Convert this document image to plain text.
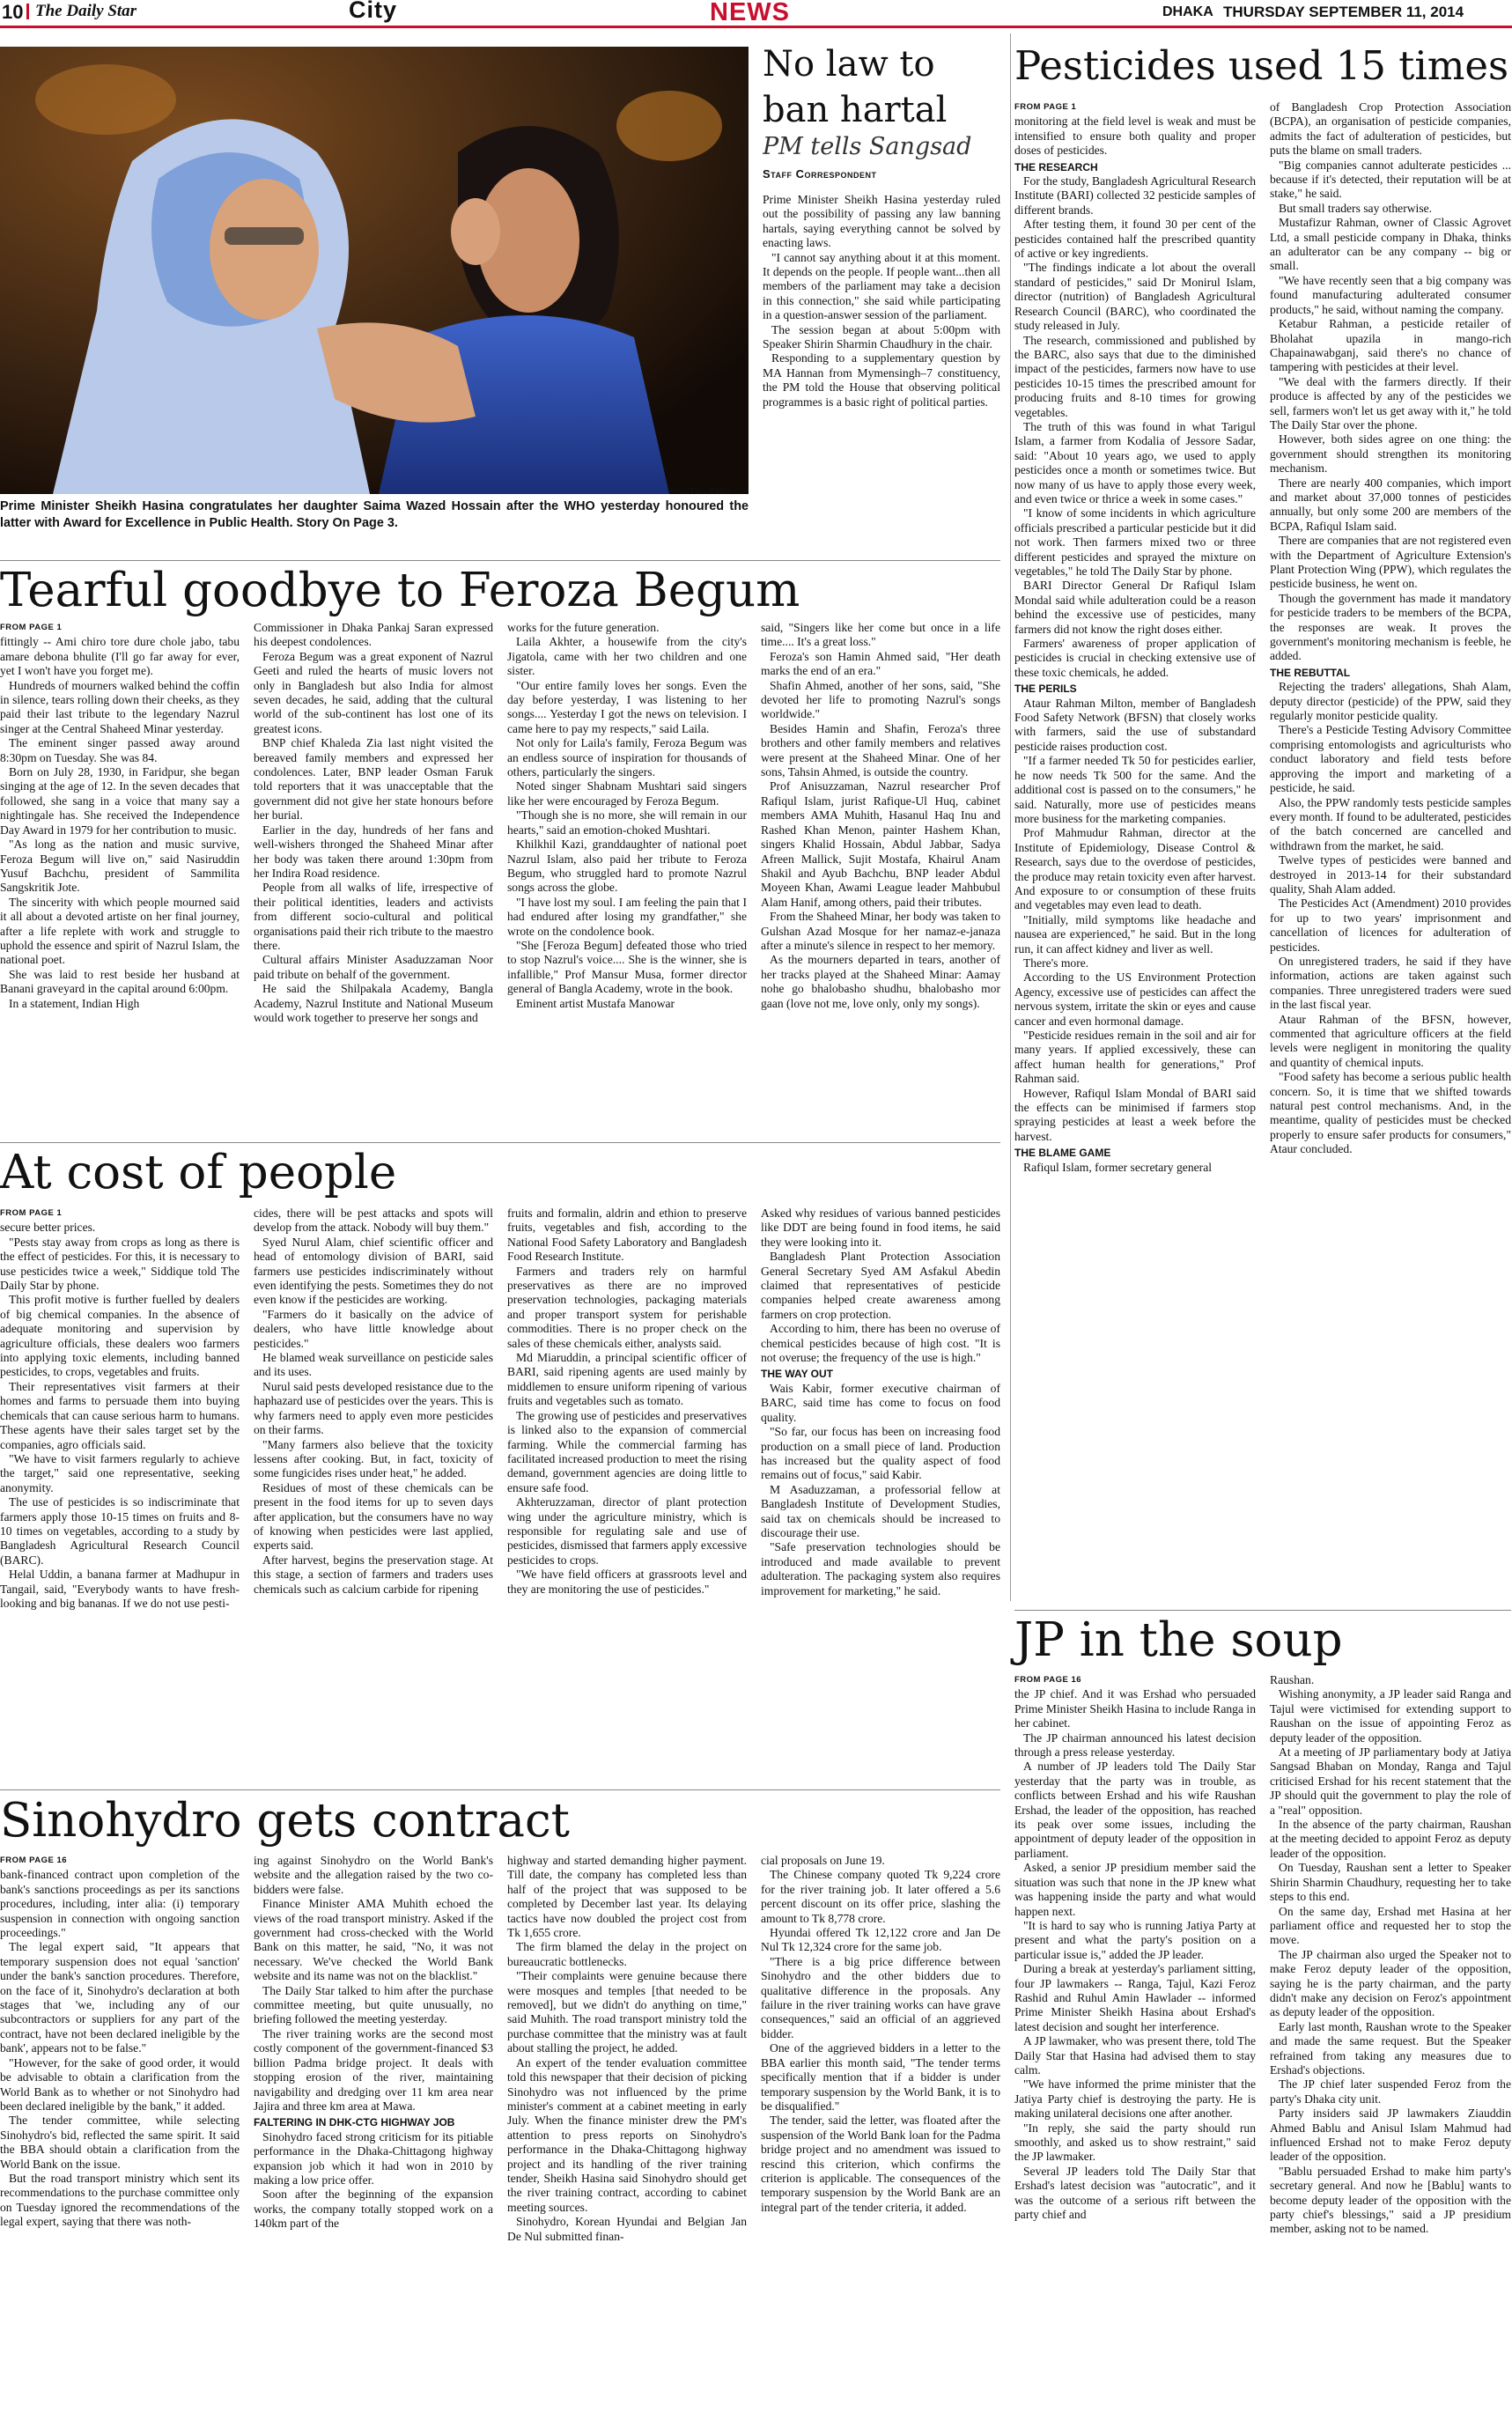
10 The Daily Star	City	NEWS	DHAKA THURSDAY SEPTEMBER 11, 2014
PHOTO: PMO
Prime Minister Sheikh Hasina congratulates her daughter Saima Wazed Hossain after the WHO yesterday honoured the latter with Award for Excellence in Public Health. Story On Page 3.
No law to ban hartal
PM tells Sangsad
Staff Correspondent

Prime Minister Sheikh Hasina yesterday ruled out the possibility of passing any law banning hartals, saying everything cannot be solved by enacting laws.

"I cannot say anything about it at this moment. It depends on the people. If people want...then all members of the parliament may take a decision in this connection," she said while participating in a question-answer session of the parliament.

The session began at about 5:00pm with Speaker Shirin Sharmin Chaudhury in the chair.

Responding to a supplementary question by MA Hannan from Mymensingh–7 constituency, the PM told the House that observing political programmes is a basic right of political parties.

Pesticides used 15 times

FROM PAGE 1

monitoring at the field level is weak and must be intensified to ensure both quality and proper doses of pesticides.

THE RESEARCH

For the study, Bangladesh Agricultural Research Institute (BARI) collected 32 pesticide samples of different brands.

After testing them, it found 30 per cent of the pesticides contained half the prescribed quantity of active or key ingredients.

"The findings indicate a lot about the overall standard of pesticides," said Dr Monirul Islam, director (nutrition) of Bangladesh Agricultural Research Council (BARC), who coordinated the study released in July.

The research, commissioned and published by the BARC, also says that due to the diminished impact of the pesticides, farmers now have to use pesticides 10-15 times the prescribed amount for producing fruits and 8-10 times for growing vegetables.

The truth of this was found in what Tarigul Islam, a farmer from Kodalia of Jessore Sadar, said: "About 10 years ago, we used to apply pesticides once a month or sometimes twice. But now many of us have to apply those every week, and even twice or thrice a week in some cases."

"I know of some incidents in which agriculture officials prescribed a particular pesticide but it did not work. Then farmers mixed two or three different pesticides and sprayed the mixture on vegetables," he told The Daily Star by phone.

BARI Director General Dr Rafiqul Islam Mondal said while adulteration could be a reason behind the excessive use of pesticides, many farmers did not know the right doses either.

Farmers' awareness of proper application of pesticides is crucial in checking extensive use of these toxic chemicals, he added.

THE PERILS

Ataur Rahman Milton, member of Bangladesh Food Safety Network (BFSN) that closely works with farmers, said the use of substandard pesticide raises production cost.

"If a farmer needed Tk 50 for pesticides earlier, he now needs Tk 500 for the same. And the additional cost is passed on to the consumers," he said. Naturally, more use of pesticides means more business for the marketing companies.

Prof Mahmudur Rahman, director at the Institute of Epidemiology, Disease Control & Research, says due to the overdose of pesticides, the produce may retain toxicity even after harvest. And exposure to or consumption of these fruits and vegetables may even lead to death.

"Initially, mild symptoms like headache and nausea are experienced," he said. But in the long run, it can affect kidney and liver as well.

There's more.

According to the US Environment Protection Agency, excessive use of pesticides can affect the nervous system, irritate the skin or eyes and cause cancer and even hormonal damage.

"Pesticide residues remain in the soil and air for many years. If applied excessively, these can affect human health for generations," Prof Rahman said.

However, Rafiqul Islam Mondal of BARI said the effects can be minimised if farmers stop spraying pesticides at least a week before the harvest.

THE BLAME GAME

Rafiqul Islam, former secretary general

of Bangladesh Crop Protection Association (BCPA), an organisation of pesticide companies, admits the fact of adulteration of pesticides, but puts the blame on small traders.

"Big companies cannot adulterate pesticides ... because if it's detected, their reputation will be at stake," he said.

But small traders say otherwise.

Mustafizur Rahman, owner of Classic Agrovet Ltd, a small pesticide company in Dhaka, thinks an adulterator can be any company -- big or small.

"We have recently seen that a big company was found manufacturing adulterated consumer products," he said, without naming the company.

Ketabur Rahman, a pesticide retailer of Bholahat upazila in mango-rich Chapainawabganj, said there's no chance of tampering with pesticides at their level.

"We deal with the farmers directly. If their produce is affected by any of the pesticides we sell, farmers won't let us get away with it," he told The Daily Star over the phone.

However, both sides agree on one thing: the government should strengthen its monitoring mechanism.

There are nearly 400 companies, which import and market about 37,000 tonnes of pesticides annually, but only some 200 are members of the BCPA, Rafiqul Islam said.

There are companies that are not registered even with the Department of Agriculture Extension's Plant Protection Wing (PPW), which regulates the pesticide business, he went on.

Though the government has made it mandatory for pesticide traders to be members of the BCPA, the responses are weak. It proves the government's monitoring mechanism is feeble, he added.

THE REBUTTAL

Rejecting the traders' allegations, Shah Alam, deputy director (pesticide) of the PPW, said they regularly monitor pesticide quality.

There's a Pesticide Testing Advisory Committee comprising entomologists and agriculturists who conduct laboratory and field tests before approving the import and marketing of a pesticide, he said.

Also, the PPW randomly tests pesticide samples every month. If found to be adulterated, pesticides of the batch concerned are cancelled and withdrawn from the market, he said.

Twelve types of pesticides were banned and destroyed in 2013-14 for their substandard quality, Shah Alam added.

The Pesticides Act (Amendment) 2010 provides for up to two years' imprisonment and cancellation of licences for adulteration of pesticides.

On unregistered traders, he said if they have information, actions are taken against such companies. Three unregistered traders were sued in the last fiscal year.

Ataur Rahman of the BFSN, however, commented that agriculture officers at the field levels were negligent in monitoring the quality and quantity of chemical inputs.

"Food safety has become a serious public health concern. So, it is time that we shifted towards natural pest control mechanisms. And, in the meantime, quality of pesticides must be checked properly to ensure safer products for consumers," Ataur concluded.

Tearful goodbye to Feroza Begum

FROM PAGE 1

fittingly -- Ami chiro tore dure chole jabo, tabu amare debona bhulite (I'll go far away for ever, yet I won't have you forget me).

Hundreds of mourners walked behind the coffin in silence, tears rolling down their cheeks, as they paid their last tribute to the legendary Nazrul singer at the Central Shaheed Minar yesterday.

The eminent singer passed away around 8:30pm on Tuesday. She was 84.

Born on July 28, 1930, in Faridpur, she began singing at the age of 12. In the seven decades that followed, she sang in a voice that many say a nightingale has. She received the Independence Day Award in 1979 for her contribution to music.

"As long as the nation and music survive, Feroza Begum will live on," said Nasiruddin Yusuf Bachchu, president of Sammilita Sangskritik Jote.

The sincerity with which people mourned said it all about a devoted artiste on her final journey, after a life replete with work and struggle to uphold the essence and spirit of Nazrul Islam, the national poet.

She was laid to rest beside her husband at Banani graveyard in the capital around 6:00pm.

In a statement, Indian High

Commissioner in Dhaka Pankaj Saran expressed his deepest condolences.

Feroza Begum was a great exponent of Nazrul Geeti and ruled the hearts of music lovers not only in Bangladesh but also India for almost seven decades, he said, adding that the cultural world of the sub-continent has lost one of its greatest icons.

BNP chief Khaleda Zia last night visited the bereaved family members and expressed her condolences. Later, BNP leader Osman Faruk told reporters that it was unacceptable that the government did not give her state honours before her burial.

Earlier in the day, hundreds of her fans and well-wishers thronged the Shaheed Minar after her body was taken there around 1:30pm from her Indira Road residence.

People from all walks of life, irrespective of their political identities, leaders and activists from different socio-cultural and political organisations paid their rich tribute to the maestro there.

Cultural affairs Minister Asaduzzaman Noor paid tribute on behalf of the government.

He said the Shilpakala Academy, Bangla Academy, Nazrul Institute and National Museum would work together to preserve her songs and

works for the future generation.

Laila Akhter, a housewife from the city's Jigatola, came with her two children and one sister.

"Our entire family loves her songs. Even the day before yesterday, I was listening to her songs.... Yesterday I got the news on television. I came here to pay my respects," said Laila.

Not only for Laila's family, Feroza Begum was an endless source of inspiration for thousands of others, particularly the singers.

Noted singer Shabnam Mushtari said singers like her were encouraged by Feroza Begum.

"Though she is no more, she will remain in our hearts," said an emotion-choked Mushtari.

Khilkhil Kazi, granddaughter of national poet Nazrul Islam, also paid her tribute to Feroza Begum, who struggled hard to promote Nazrul songs across the globe.

"I have lost my soul. I am feeling the pain that I had endured after losing my grandfather," she wrote on the condolence book.

"She [Feroza Begum] defeated those who tried to stop Nazrul's voice.... She is the winner, she is infallible," Prof Mansur Musa, former director general of Bangla Academy, wrote in the book.

Eminent artist Mustafa Manowar

said, "Singers like her come but once in a life time.... It's a great loss."

Feroza's son Hamin Ahmed said, "Her death marks the end of an era."

Shafin Ahmed, another of her sons, said, "She devoted her life to promoting Nazrul's songs worldwide."

Besides Hamin and Shafin, Feroza's three brothers and other family members and relatives were present at the Shaheed Minar. One of her sons, Tahsin Ahmed, is outside the country.

Prof Anisuzzaman, Nazrul researcher Prof Rafiqul Islam, jurist Rafique-Ul Huq, cabinet members AMA Muhith, Hasanul Haq Inu and Rashed Khan Menon, painter Hashem Khan, singers Khalid Hossain, Abdul Jabbar, Sadya Afreen Mallick, Sujit Mostafa, Khairul Anam Shakil and Ayub Bachchu, BNP leader Abdul Moyeen Khan, Awami League leader Mahbubul Alam Hanif, among others, paid their tributes.

From the Shaheed Minar, her body was taken to Gulshan Azad Mosque for her namaz-e-janaza after a minute's silence in respect to her memory.

As the mourners departed in tears, another of her tracks played at the Shaheed Minar: Aamay nohe go bhalobasho shudhu, bhalobasho mor gaan (love not me, love only, only my songs).

At cost of people

FROM PAGE 1

secure better prices.

"Pests stay away from crops as long as there is the effect of pesticides. For this, it is necessary to use pesticides twice a week," Siddique told The Daily Star by phone.

This profit motive is further fuelled by dealers of big chemical companies. In the absence of adequate monitoring and supervision by agriculture officials, these dealers woo farmers into applying toxic elements, including banned pesticides, to crops, vegetables and fruits.

Their representatives visit farmers at their homes and farms to persuade them into buying chemicals that can cause serious harm to humans. These agents have their sales target set by the companies, agro officials said.

"We have to visit farmers regularly to achieve the target," said one representative, seeking anonymity.

The use of pesticides is so indiscriminate that farmers apply those 10-15 times on fruits and 8-10 times on vegetables, according to a study by Bangladesh Agricultural Research Council (BARC).

Helal Uddin, a banana farmer at Madhupur in Tangail, said, "Everybody wants to have fresh-looking and big bananas. If we do not use pesti-

cides, there will be pest attacks and spots will develop from the attack. Nobody will buy them."

Syed Nurul Alam, chief scientific officer and head of entomology division of BARI, said farmers use pesticides indiscriminately without even identifying the pests. Sometimes they do not even know if the pesticides are working.

"Farmers do it basically on the advice of dealers, who have little knowledge about pesticides."

He blamed weak surveillance on pesticide sales and its uses.

Nurul said pests developed resistance due to the haphazard use of pesticides over the years. This is why farmers need to apply even more pesticides on their farms.

"Many farmers also believe that the toxicity lessens after cooking. But, in fact, toxicity of some fungicides rises under heat," he added.

Residues of most of these chemicals can be present in the food items for up to seven days after application, but the consumers have no way of knowing when pesticides were last applied, experts said.

After harvest, begins the preservation stage. At this stage, a section of farmers and traders uses chemicals such as calcium carbide for ripening

fruits and formalin, aldrin and ethion to preserve fruits, vegetables and fish, according to the National Food Safety Laboratory and Bangladesh Food Research Institute.

Farmers and traders rely on harmful preservatives as there are no improved preservation technologies, packaging materials and proper transport system for perishable commodities. There is no proper check on the sales of these chemicals either, analysts said.

Md Miaruddin, a principal scientific officer of BARI, said ripening agents are used mainly by middlemen to ensure uniform ripening of various fruits and vegetables such as tomato.

The growing use of pesticides and preservatives is linked also to the expansion of commercial farming. While the commercial farming has facilitated increased production to meet the rising demand, government agencies are doing little to ensure safe food.

Akhteruzzaman, director of plant protection wing under the agriculture ministry, which is responsible for regulating sale and use of pesticides, dismissed that farmers apply excessive pesticides to crops.

"We have field officers at grassroots level and they are monitoring the use of pesticides."

Asked why residues of various banned pesticides like DDT are being found in food items, he said they were looking into it.

Bangladesh Plant Protection Association General Secretary Syed AM Asfakul Abedin claimed that representatives of pesticide companies helped create awareness among farmers on crop protection.

According to him, there has been no overuse of chemical pesticides because of high cost. "It is not overuse; the frequency of the use is high."

THE WAY OUT

Wais Kabir, former executive chairman of BARC, said time has come to focus on food quality.

"So far, our focus has been on increasing food production on a small piece of land. Production has increased but the quality aspect of food remains out of focus," said Kabir.

M Asaduzzaman, a professorial fellow at Bangladesh Institute of Development Studies, said tax on chemicals should be increased to discourage their use.

"Safe preservation technologies should be introduced and made available to prevent adulteration. The packaging system also requires improvement for marketing," he said.

JP in the soup

FROM PAGE 16

the JP chief. And it was Ershad who persuaded Prime Minister Sheikh Hasina to include Ranga in her cabinet.

The JP chairman announced his latest decision through a press release yesterday.

A number of JP leaders told The Daily Star yesterday that the party was in trouble, as conflicts between Ershad and his wife Raushan Ershad, the leader of the opposition, has reached its peak over some issues, including the appointment of deputy leader of the opposition in parliament.

Asked, a senior JP presidium member said the situation was such that none in the JP knew what was happening inside the party and what would happen next.

"It is hard to say who is running Jatiya Party at present and what the party's position on a particular issue is," added the JP leader.

During a break at yesterday's parliament sitting, four JP lawmakers -- Ranga, Tajul, Kazi Feroz Rashid and Ruhul Amin Hawlader -- informed Prime Minister Sheikh Hasina about Ershad's latest decision and sought her interference.

A JP lawmaker, who was present there, told The Daily Star that Hasina had advised them to stay calm.

"We have informed the prime minister that the Jatiya Party chief is destroying the party. He is making unilateral decisions one after another.

"In reply, she said the party should run smoothly, and asked us to show restraint," said the JP lawmaker.

Several JP leaders told The Daily Star that Ershad's latest decision was "autocratic", and it was the outcome of a serious rift between the party chief and

Raushan.

Wishing anonymity, a JP leader said Ranga and Tajul were victimised for extending support to Raushan on the issue of appointing Feroz as deputy leader of the opposition.

At a meeting of JP parliamentary body at Jatiya Sangsad Bhaban on Monday, Ranga and Tajul criticised Ershad for his recent statement that the JP should quit the government to play the role of a "real" opposition.

In the absence of the party chairman, Raushan at the meeting decided to appoint Feroz as deputy leader of the opposition.

On Tuesday, Raushan sent a letter to Speaker Shirin Sharmin Chaudhury, requesting her to take steps to this end.

On the same day, Ershad met Hasina at her parliament office and requested her to stop the move.

The JP chairman also urged the Speaker not to make Feroz deputy leader of the opposition, saying he is the party chairman, and the party didn't make any decision on Feroz's appointment as deputy leader of the opposition.

Early last month, Raushan wrote to the Speaker and made the same request. But the Speaker refrained from taking any measures due to Ershad's objections.

The JP chief later suspended Feroz from the party's Dhaka city unit.

Party insiders said JP lawmakers Ziauddin Ahmed Bablu and Anisul Islam Mahmud had influenced Ershad not to make Feroz deputy leader of the opposition.

"Bablu persuaded Ershad to make him party's secretary general. And now he [Bablu] wants to become deputy leader of the opposition with the party chief's blessings," said a JP presidium member, asking not to be named.

Sinohydro gets contract

FROM PAGE 16

bank-financed contract upon completion of the bank's sanctions proceedings as per its sanctions procedures, including, inter alia: (i) temporary suspension in connection with ongoing sanction proceedings."

The legal expert said, "It appears that temporary suspension does not equal 'sanction' under the bank's sanction procedures. Therefore, on the face of it, Sinohydro's declaration at both stages that 'we, including any of our subcontractors or suppliers for any part of the contract, have not been declared ineligible by the bank', appears not to be false."

"However, for the sake of good order, it would be advisable to obtain a clarification from the World Bank as to whether or not Sinohydro had been declared ineligible by the bank," it added.

The tender committee, while selecting Sinohydro's bid, reflected the same spirit. It said the BBA should obtain a clarification from the World Bank on the issue.

But the road transport ministry which sent its recommendations to the purchase committee only on Tuesday ignored the recommendations of the legal expert, saying that there was noth-

ing against Sinohydro on the World Bank's website and the allegation raised by the two co-bidders were false.

Finance Minister AMA Muhith echoed the views of the road transport ministry. Asked if the government had cross-checked with the World Bank on this matter, he said, "No, it was not necessary. We've checked the World Bank website and its name was not on the blacklist."

The Daily Star talked to him after the purchase committee meeting, but quite unusually, no briefing followed the meeting yesterday.

The river training works are the second most costly component of the government-financed $3 billion Padma bridge project. It deals with stopping erosion of the river, maintaining navigability and dredging over 11 km area near Jajira and three km area at Mawa.

FALTERING IN DHK-CTG HIGHWAY JOB

Sinohydro faced strong criticism for its pitiable performance in the Dhaka-Chittagong highway expansion job which it had won in 2010 by making a low price offer.

Soon after the beginning of the expansion works, the company totally stopped work on a 140km part of the

highway and started demanding higher payment. Till date, the company has completed less than half of the project that was supposed to be completed by December last year. Its delaying tactics have now doubled the project cost from Tk 1,655 crore.

The firm blamed the delay in the project on bureaucratic bottlenecks.

"Their complaints were genuine because there were mosques and temples [that needed to be removed], but we didn't do anything on time," said Muhith. The road transport ministry told the purchase committee that the ministry was at fault about stalling the project, he added.

An expert of the tender evaluation committee told this newspaper that their decision of picking Sinohydro was not influenced by the prime minister's comment at a cabinet meeting in early July. When the finance minister drew the PM's attention to press reports on Sinohydro's performance in the Dhaka-Chittagong highway project and its handling of the river training tender, Sheikh Hasina said Sinohydro should get the river training contract, according to cabinet meeting sources.

Sinohydro, Korean Hyundai and Belgian Jan De Nul submitted finan-

cial proposals on June 19.

The Chinese company quoted Tk 9,224 crore for the river training job. It later offered a 5.6 percent discount on its offer price, slashing the amount to Tk 8,778 crore.

Hyundai offered Tk 12,122 crore and Jan De Nul Tk 12,324 crore for the same job.

"There is a big price difference between Sinohydro and the other bidders due to qualitative difference in the proposals. Any failure in the river training works can have grave consequences," said an official of an aggrieved bidder.

One of the aggrieved bidders in a letter to the BBA earlier this month said, "The tender terms specifically mention that if a bidder is under temporary suspension by the World Bank, it is to be disqualified."

The tender, said the letter, was floated after the suspension of the World Bank loan for the Padma bridge project and no amendment was issued to rescind this criterion, which confirms the criterion is applicable. The consequences of the temporary suspension by the World Bank are an integral part of the tender criteria, it added.
